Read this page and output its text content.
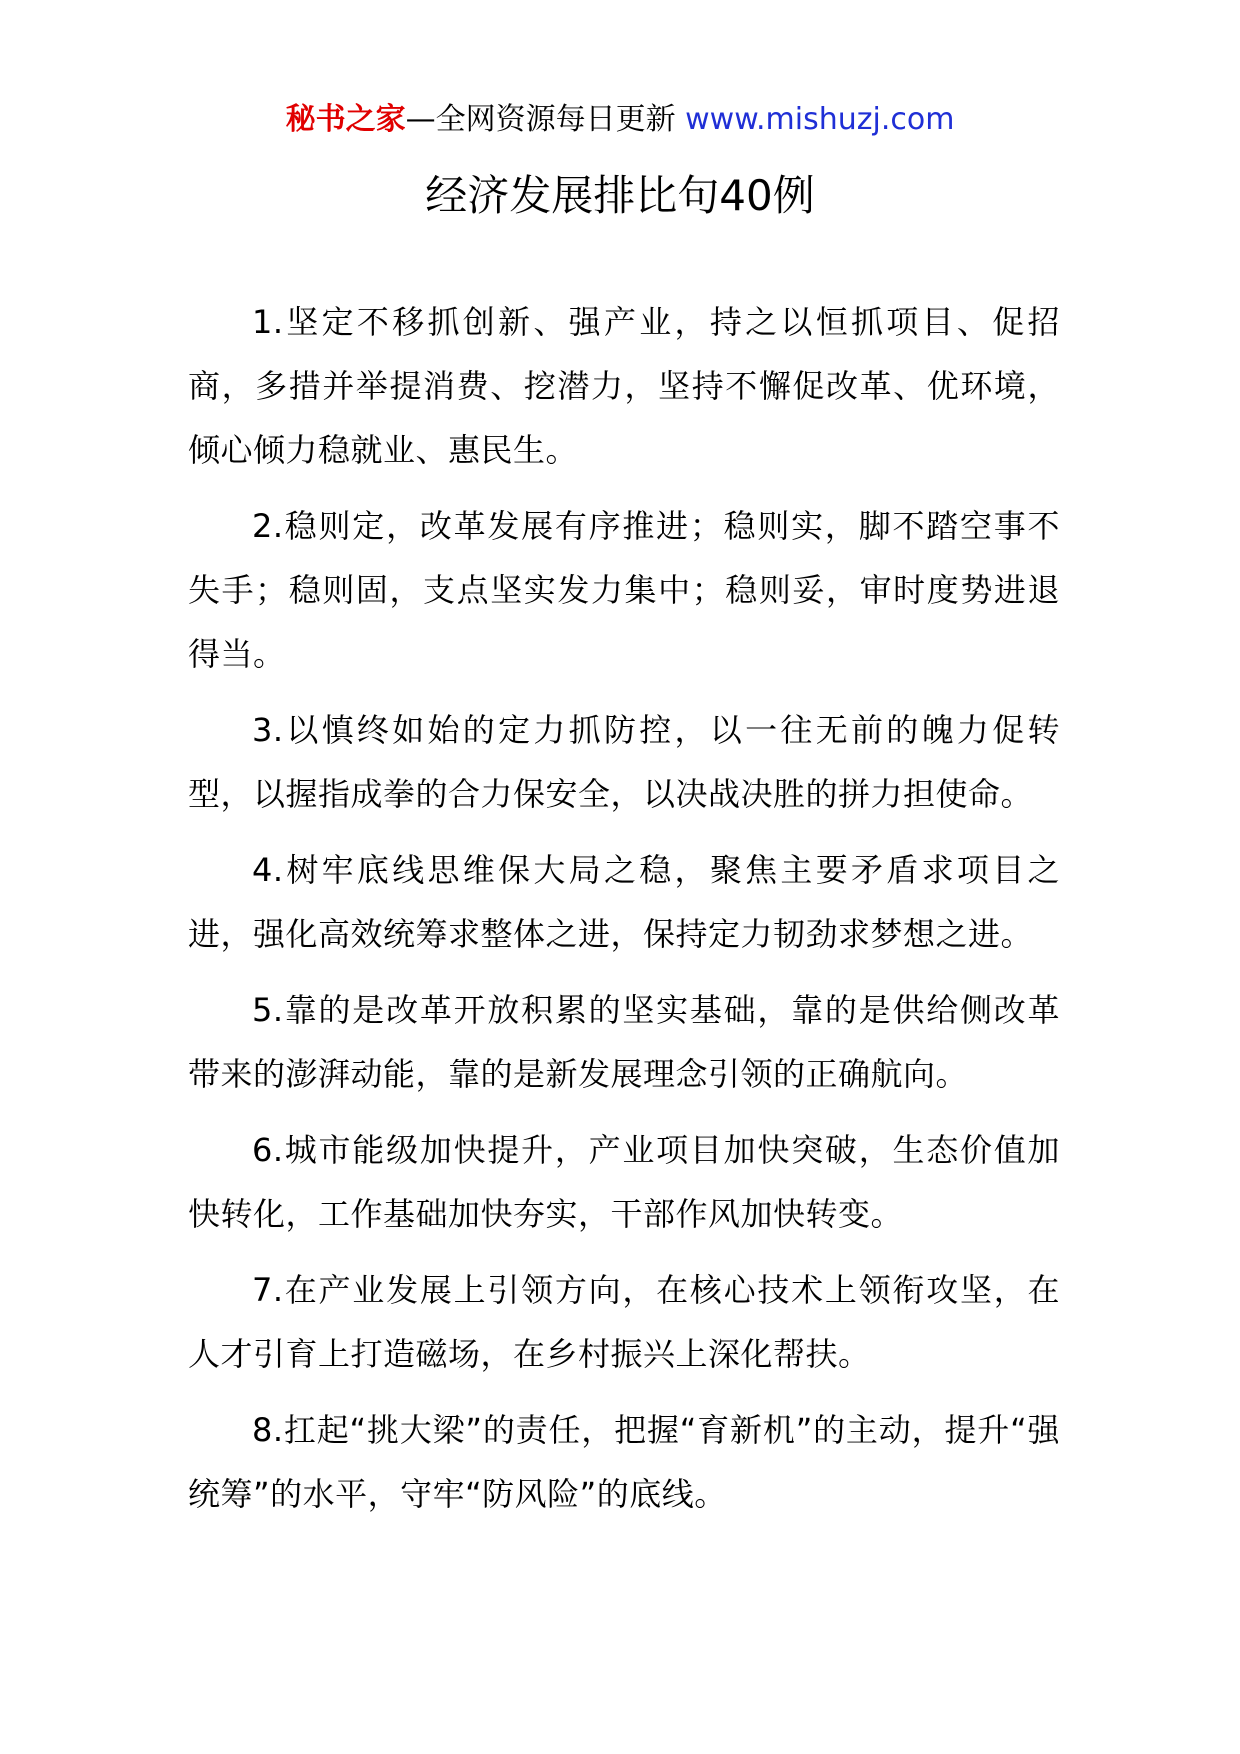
秘书之家—全网资源每日更新 www.mishuzj.com
经济发展排比句40例

1.坚定不移抓创新、强产业，持之以恒抓项目、促招商，多措并举提消费、挖潜力，坚持不懈促改革、优环境，倾心倾力稳就业、惠民生。

2.稳则定，改革发展有序推进；稳则实，脚不踏空事不失手；稳则固，支点坚实发力集中；稳则妥，审时度势进退得当。

3.以慎终如始的定力抓防控，以一往无前的魄力促转型，以握指成拳的合力保安全，以决战决胜的拼力担使命。

4.树牢底线思维保大局之稳，聚焦主要矛盾求项目之进，强化高效统筹求整体之进，保持定力韧劲求梦想之进。

5.靠的是改革开放积累的坚实基础，靠的是供给侧改革带来的澎湃动能，靠的是新发展理念引领的正确航向。

6.城市能级加快提升，产业项目加快突破，生态价值加快转化，工作基础加快夯实，干部作风加快转变。

7.在产业发展上引领方向，在核心技术上领衔攻坚，在人才引育上打造磁场，在乡村振兴上深化帮扶。

8.扛起“挑大梁”的责任，把握“育新机”的主动，提升“强统筹”的水平，守牢“防风险”的底线。
